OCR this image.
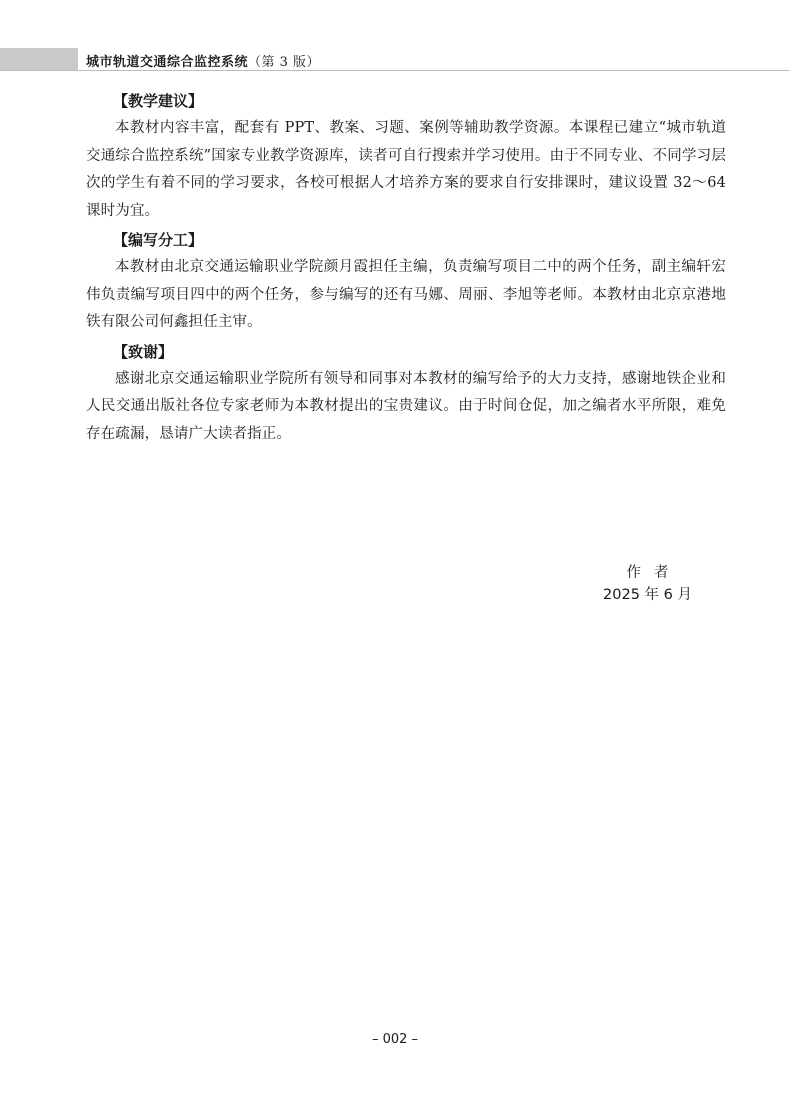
城市轨道交通综合监控系统（第 3 版）
【教学建议】

本教材内容丰富，配套有 PPT、教案、习题、案例等辅助教学资源。本课程已建立“城市轨道交通综合监控系统”国家专业教学资源库，读者可自行搜索并学习使用。由于不同专业、不同学习层次的学生有着不同的学习要求，各校可根据人才培养方案的要求自行安排课时，建议设置 32～64 课时为宜。

【编写分工】

本教材由北京交通运输职业学院颜月霞担任主编，负责编写项目二中的两个任务，副主编轩宏伟负责编写项目四中的两个任务，参与编写的还有马娜、周丽、李旭等老师。本教材由北京京港地铁有限公司何鑫担任主审。

【致谢】

感谢北京交通运输职业学院所有领导和同事对本教材的编写给予的大力支持，感谢地铁企业和人民交通出版社各位专家老师为本教材提出的宝贵建议。由于时间仓促，加之编者水平所限，难免存在疏漏，恳请广大读者指正。

作者
2025 年 6 月
– 002 –
